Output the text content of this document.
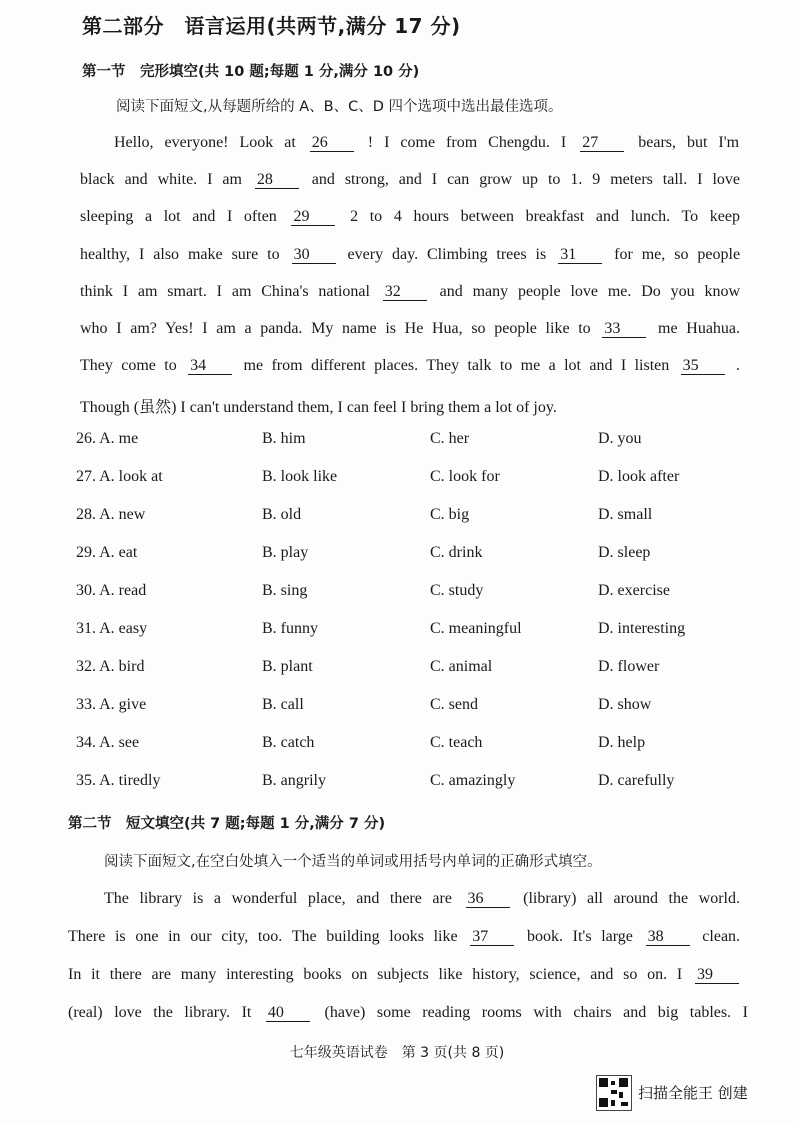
第二部分　语言运用(共两节,满分 17 分)
第一节　完形填空(共 10 题;每题 1 分,满分 10 分)
阅读下面短文,从每题所给的 A、B、C、D 四个选项中选出最佳选项。
Hello, everyone! Look at 26	! I come from Chengdu. I 27	bears, but I'm
black and white. I am 28 and strong, and I can grow up to 1. 9 meters tall. I love
sleeping a lot and I often 29	2 to 4 hours between breakfast and lunch. To keep
healthy, I also make sure to 30 every day. Climbing trees is 31 for me, so people
think I am smart. I am China's national 32 and many people love me. Do you know
who I am? Yes! I am a panda. My name is He Hua, so people like to 33 me Huahua.
They come to 34 me from different places. They talk to me a lot and I listen 35 .
Though (虽然) I can't understand them, I can feel I bring them a lot of joy.
26. A. me	B. him	C. her	D. you
27. A. look at	B. look like	C. look for	D. look after
28. A. new	B. old	C. big	D. small
29. A. eat	B. play	C. drink	D. sleep
30. A. read	B. sing	C. study	D. exercise
31. A. easy	B. funny	C. meaningful	D. interesting
32. A. bird	B. plant	C. animal	D. flower
33. A. give	B. call	C. send	D. show
34. A. see	B. catch	C. teach	D. help
35. A. tiredly	B. angrily	C. amazingly	D. carefully
第二节　短文填空(共 7 题;每题 1 分,满分 7 分)
阅读下面短文,在空白处填入一个适当的单词或用括号内单词的正确形式填空。
The library is a wonderful place, and there are 36 (library) all around the world.
There is one in our city, too. The building looks like 37 book. It's large 38 clean.
In it there are many interesting books on subjects like history, science, and so on. I 39
(real) love the library. It 40	(have) some reading rooms with chairs and big tables. I
七年级英语试卷　第 3 页(共 8 页)
扫描全能王 创建
